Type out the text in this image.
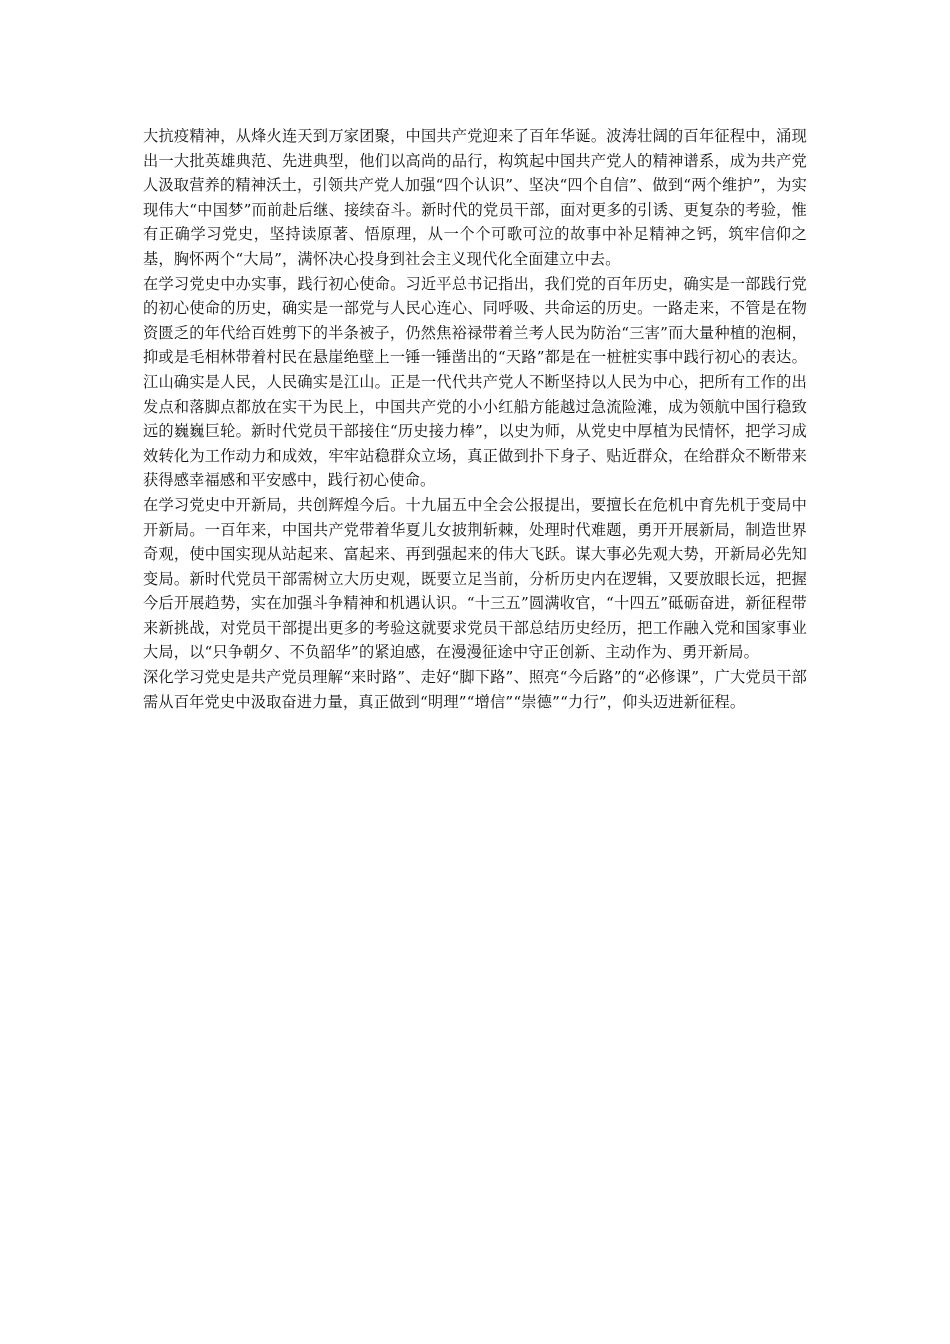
大抗疫精神，从烽火连天到万家团聚，中国共产党迎来了百年华诞。波涛壮阔的百年征程中，涌现出一大批英雄典范、先进典型，他们以高尚的品行，构筑起中国共产党人的精神谱系，成为共产党人汲取营养的精神沃土，引领共产党人加强“四个认识”、坚决“四个自信”、做到“两个维护”，为实现伟大“中国梦”而前赴后继、接续奋斗。新时代的党员干部，面对更多的引诱、更复杂的考验，惟有正确学习党史，坚持读原著、悟原理，从一个个可歌可泣的故事中补足精神之钙，筑牢信仰之基，胸怀两个“大局”，满怀决心投身到社会主义现代化全面建立中去。

在学习党史中办实事，践行初心使命。习近平总书记指出，我们党的百年历史，确实是一部践行党的初心使命的历史，确实是一部党与人民心连心、同呼吸、共命运的历史。一路走来，不管是在物资匮乏的年代给百姓剪下的半条被子，仍然焦裕禄带着兰考人民为防治“三害”而大量种植的泡桐，抑或是毛相林带着村民在悬崖绝壁上一锤一锤凿出的“天路”都是在一桩桩实事中践行初心的表达。江山确实是人民，人民确实是江山。正是一代代共产党人不断坚持以人民为中心，把所有工作的出发点和落脚点都放在实干为民上，中国共产党的小小红船方能越过急流险滩，成为领航中国行稳致远的巍巍巨轮。新时代党员干部接住“历史接力棒”，以史为师，从党史中厚植为民情怀，把学习成效转化为工作动力和成效，牢牢站稳群众立场，真正做到扑下身子、贴近群众，在给群众不断带来获得感幸福感和平安感中，践行初心使命。

在学习党史中开新局，共创辉煌今后。十九届五中全会公报提出，要擅长在危机中育先机于变局中开新局。一百年来，中国共产党带着华夏儿女披荆斩棘，处理时代难题，勇开开展新局，制造世界奇观，使中国实现从站起来、富起来、再到强起来的伟大飞跃。谋大事必先观大势，开新局必先知变局。新时代党员干部需树立大历史观，既要立足当前，分析历史内在逻辑，又要放眼长远，把握今后开展趋势，实在加强斗争精神和机遇认识。“十三五”圆满收官，“十四五”砥砺奋进，新征程带来新挑战，对党员干部提出更多的考验这就要求党员干部总结历史经历，把工作融入党和国家事业大局，以“只争朝夕、不负韶华”的紧迫感，在漫漫征途中守正创新、主动作为、勇开新局。

深化学习党史是共产党员理解“来时路”、走好“脚下路”、照亮“今后路”的“必修课”，广大党员干部需从百年党史中汲取奋进力量，真正做到“明理”“增信”“崇德”“力行”，仰头迈进新征程。
